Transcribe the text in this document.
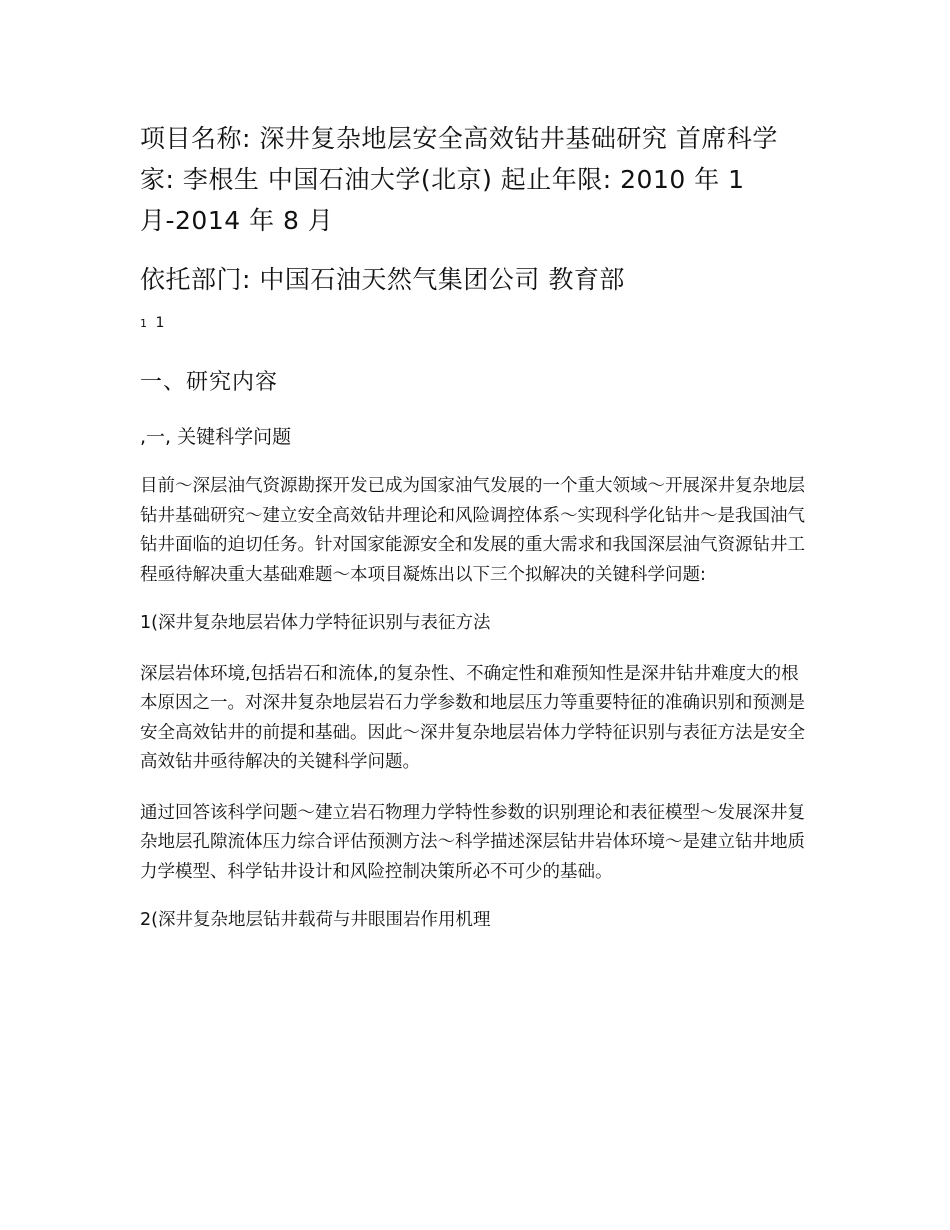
项目名称: 深井复杂地层安全高效钻井基础研究 首席科学家: 李根生 中国石油大学(北京) 起止年限: 2010 年 1 月-2014 年 8 月

依托部门: 中国石油天然气集团公司 教育部

1 1

一、研究内容

,一, 关键科学问题

目前～深层油气资源勘探开发已成为国家油气发展的一个重大领域～开展深井复杂地层钻井基础研究～建立安全高效钻井理论和风险调控体系～实现科学化钻井～是我国油气钻井面临的迫切任务。针对国家能源安全和发展的重大需求和我国深层油气资源钻井工程亟待解决重大基础难题～本项目凝炼出以下三个拟解决的关键科学问题:

1(深井复杂地层岩体力学特征识别与表征方法

深层岩体环境,包括岩石和流体,的复杂性、不确定性和难预知性是深井钻井难度大的根本原因之一。对深井复杂地层岩石力学参数和地层压力等重要特征的准确识别和预测是安全高效钻井的前提和基础。因此～深井复杂地层岩体力学特征识别与表征方法是安全高效钻井亟待解决的关键科学问题。

通过回答该科学问题～建立岩石物理力学特性参数的识别理论和表征模型～发展深井复杂地层孔隙流体压力综合评估预测方法～科学描述深层钻井岩体环境～是建立钻井地质力学模型、科学钻井设计和风险控制决策所必不可少的基础。

2(深井复杂地层钻井载荷与井眼围岩作用机理
